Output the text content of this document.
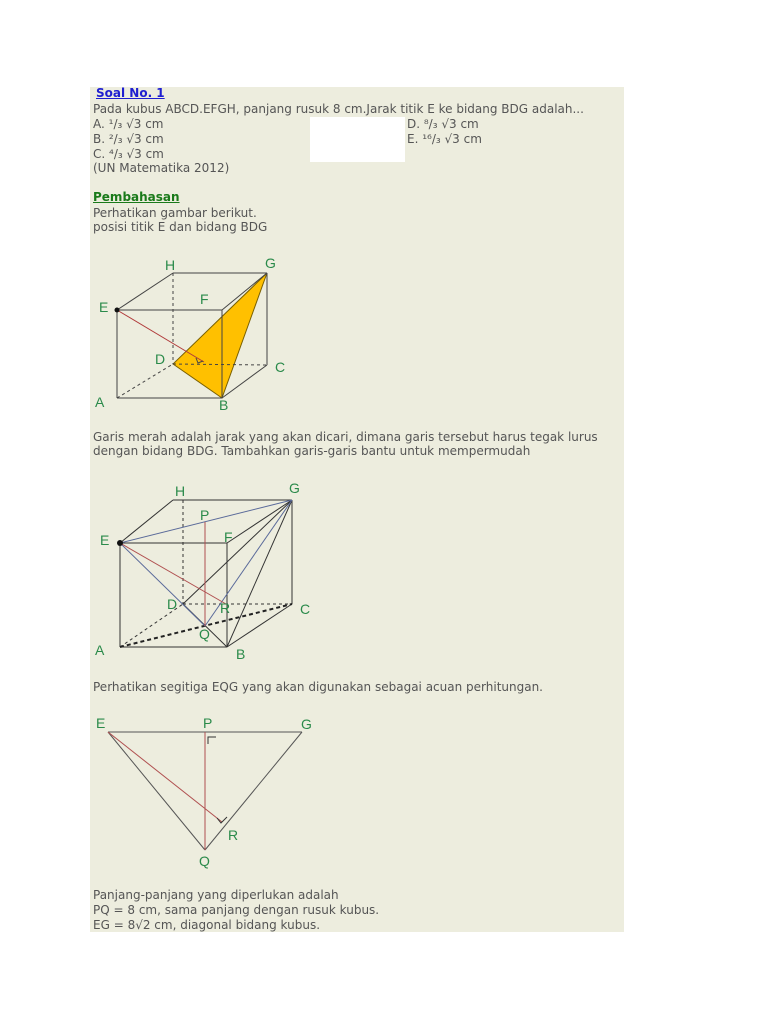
Soal No. 1
Pada kubus ABCD.EFGH, panjang rusuk 8 cm.Jarak titik E ke bidang BDG adalah...
A. ¹/₃ √3 cm
B. ²/₃ √3 cm
C. ⁴/₃ √3 cm
(UN Matematika 2012)
D. ⁸/₃ √3 cm
E. ¹⁶/₃ √3 cm
Pembahasan
Perhatikan gambar berikut.
posisi titik E dan bidang BDG
H	G
E	F
D	C
A	B
Garis merah adalah jarak yang akan dicari, dimana garis tersebut harus tegak lurus
dengan bidang BDG. Tambahkan garis-garis bantu untuk mempermudah
H	G
P
E	F
D	R	C
Q
A	B
Perhatikan segitiga EQG yang akan digunakan sebagai acuan perhitungan.
E	P	G
R
Q
Panjang-panjang yang diperlukan adalah
PQ = 8 cm, sama panjang dengan rusuk kubus.
EG = 8√2 cm, diagonal bidang kubus.
